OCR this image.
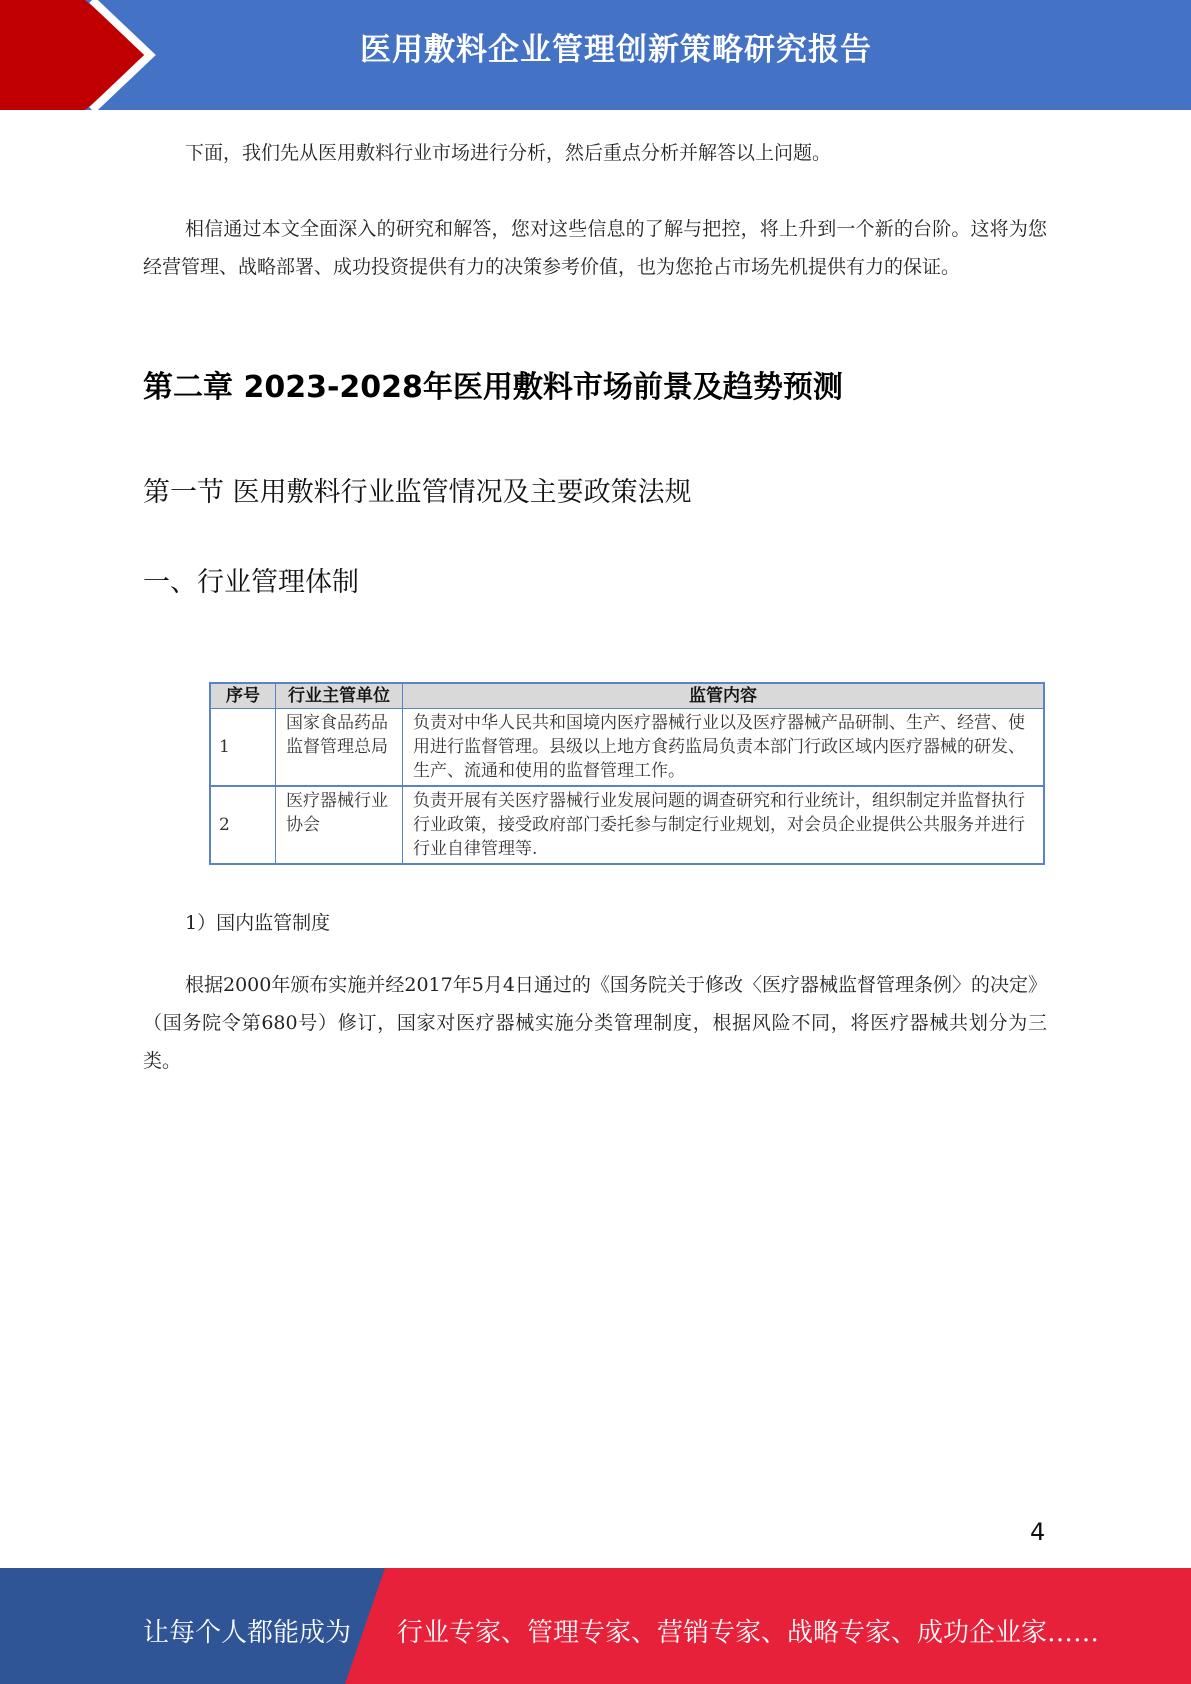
医用敷料企业管理创新策略研究报告
下面，我们先从医用敷料行业市场进行分析，然后重点分析并解答以上问题。
相信通过本文全面深入的研究和解答，您对这些信息的了解与把控，将上升到一个新的台阶。这将为您经营管理、战略部署、成功投资提供有力的决策参考价值，也为您抢占市场先机提供有力的保证。
第二章 2023-2028年医用敷料市场前景及趋势预测
第一节 医用敷料行业监管情况及主要政策法规
一、行业管理体制
序号	行业主管单位	监管内容
1	国家食品药品监督管理总局	负责对中华人民共和国境内医疗器械行业以及医疗器械产品研制、生产、经营、使用进行监督管理。县级以上地方食药监局负责本部门行政区域内医疗器械的研发、生产、流通和使用的监督管理工作。
2	医疗器械行业协会	负责开展有关医疗器械行业发展问题的调查研究和行业统计，组织制定并监督执行行业政策，接受政府部门委托参与制定行业规划，对会员企业提供公共服务并进行行业自律管理等.
1）国内监管制度
根据2000年颁布实施并经2017年5月4日通过的《国务院关于修改〈医疗器械监督管理条例〉的决定》（国务院令第680号）修订，国家对医疗器械实施分类管理制度，根据风险不同，将医疗器械共划分为三类。
4
让每个人都能成为 行业专家、管理专家、营销专家、战略专家、成功企业家……
